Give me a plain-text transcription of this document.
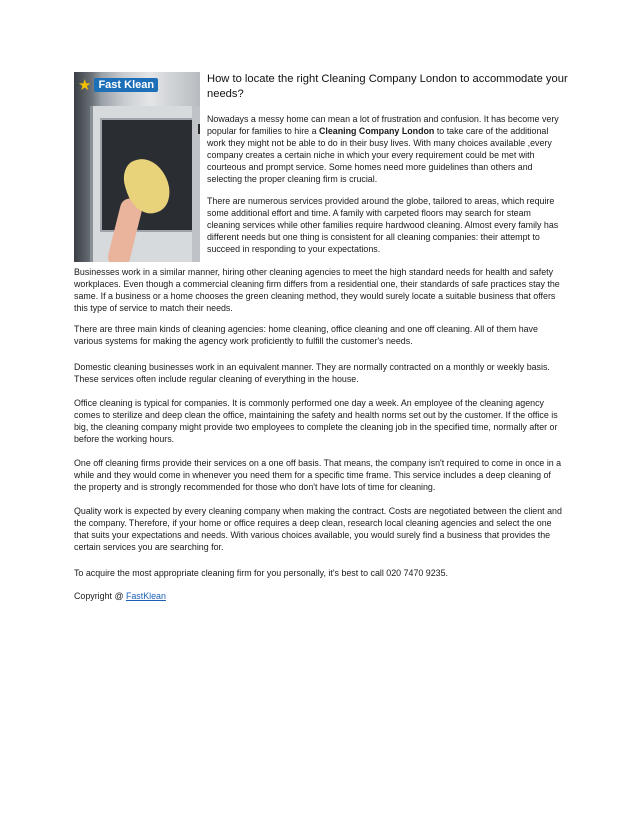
★ Fast Klean	How to locate the right Cleaning Company London to accommodate your needs?

Nowadays a messy home can mean a lot of frustration and confusion. It has become very popular for families to hire a Cleaning Company London to take care of the additional work they might not be able to do in their busy lives. With many choices available ,every company creates a certain niche in which your every requirement could be met with courteous and prompt service. Some homes need more guidelines than others and selecting the proper cleaning firm is crucial.

There are numerous services provided around the globe, tailored to areas, which require some additional effort and time. A family with carpeted floors may search for steam cleaning services while other families require hardwood cleaning. Almost every family has different needs but one thing is consistent for all cleaning companies: their attempt to succeed in responding to your expectations.

Businesses work in a similar manner, hiring other cleaning agencies to meet the high standard needs for health and safety workplaces. Even though a commercial cleaning firm differs from a residential one, their standards of safe practices stay the same. If a business or a home chooses the green cleaning method, they would surely locate a suitable business that offers this type of service to match their needs.

There are three main kinds of cleaning agencies: home cleaning, office cleaning and one off cleaning. All of them have various systems for making the agency work proficiently to fulfill the customer's needs.

Domestic cleaning businesses work in an equivalent manner. They are normally contracted on a monthly or weekly basis. These services often include regular cleaning of everything in the house.

Office cleaning is typical for companies. It is commonly performed one day a week. An employee of the cleaning agency comes to sterilize and deep clean the office, maintaining the safety and health norms set out by the customer. If the office is big, the cleaning company might provide two employees to complete the cleaning job in the specified time, normally after or before the working hours.

One off cleaning firms provide their services on a one off basis. That means, the company isn't required to come in once in a while and they would come in whenever you need them for a specific time frame. This service includes a deep cleaning of the property and is strongly recommended for those who don't have lots of time for cleaning.

Quality work is expected by every cleaning company when making the contract. Costs are negotiated between the client and the company. Therefore, if your home or office requires a deep clean, research local cleaning agencies and select the one that suits your expectations and needs. With various choices available, you would surely find a business that provides the certain services you are searching for.

To acquire the most appropriate cleaning firm for you personally, it's best to call 020 7470 9235.

Copyright @ FastKlean
